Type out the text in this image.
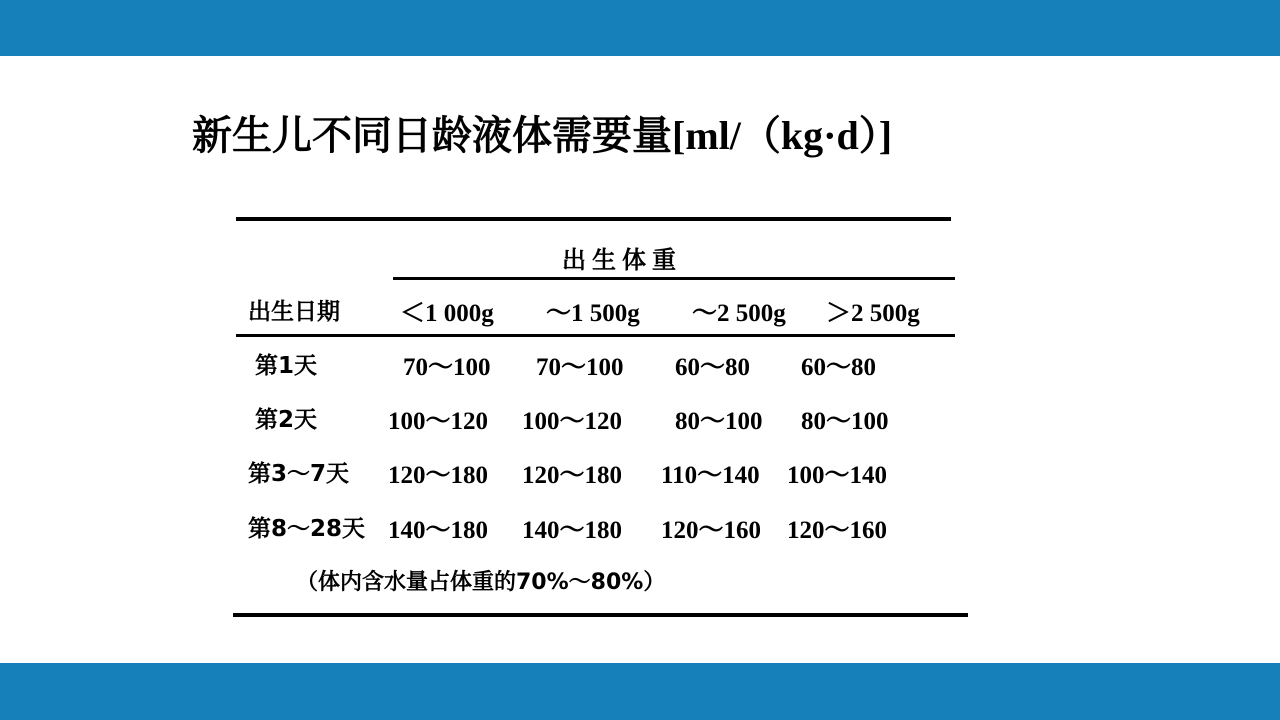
新生儿不同日龄液体需要量[ml/（kg·d）]
出生体重
出生日期 ＜1 000g ～1 500g ～2 500g ＞2 500g
第1天	70～100 70～100 60～80 60～80
第2天	100～120 100～120 80～100 80～100
第3～7天 120～180 120～180 110～140 100～140
第8～28天 140～180 140～180 120～160 120～160
（体内含水量占体重的70%～80%）
